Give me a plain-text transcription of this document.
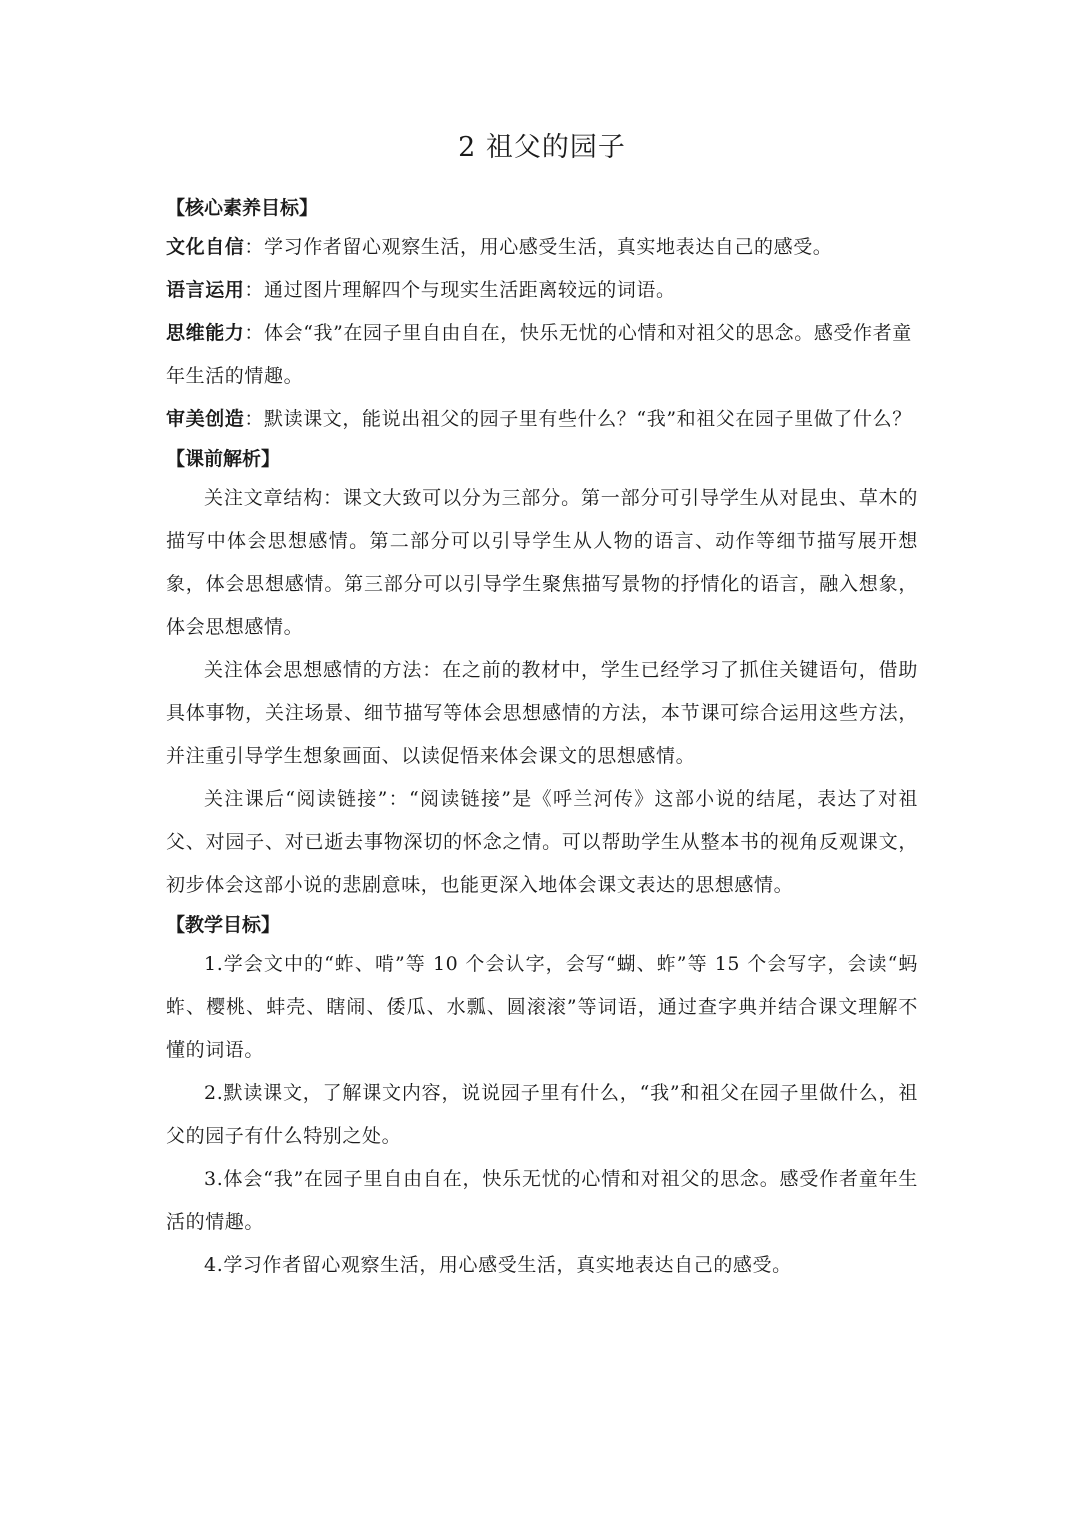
2 祖父的园子

【核心素养目标】

文化自信：学习作者留心观察生活，用心感受生活，真实地表达自己的感受。

语言运用：通过图片理解四个与现实生活距离较远的词语。

思维能力：体会“我”在园子里自由自在，快乐无忧的心情和对祖父的思念。感受作者童年生活的情趣。

审美创造：默读课文，能说出祖父的园子里有些什么？“我”和祖父在园子里做了什么？

【课前解析】

关注文章结构：课文大致可以分为三部分。第一部分可引导学生从对昆虫、草木的描写中体会思想感情。第二部分可以引导学生从人物的语言、动作等细节描写展开想象，体会思想感情。第三部分可以引导学生聚焦描写景物的抒情化的语言，融入想象，体会思想感情。

关注体会思想感情的方法：在之前的教材中，学生已经学习了抓住关键语句，借助具体事物，关注场景、细节描写等体会思想感情的方法，本节课可综合运用这些方法，并注重引导学生想象画面、以读促悟来体会课文的思想感情。

关注课后“阅读链接”：“阅读链接”是《呼兰河传》这部小说的结尾，表达了对祖父、对园子、对已逝去事物深切的怀念之情。可以帮助学生从整本书的视角反观课文，初步体会这部小说的悲剧意味，也能更深入地体会课文表达的思想感情。

【教学目标】

1.学会文中的“蚱、啃”等 10 个会认字，会写“蝴、蚱”等 15 个会写字，会读“蚂蚱、樱桃、蚌壳、瞎闹、倭瓜、水瓢、圆滚滚”等词语，通过查字典并结合课文理解不懂的词语。

2.默读课文，了解课文内容，说说园子里有什么，“我”和祖父在园子里做什么，祖父的园子有什么特别之处。

3.体会“我”在园子里自由自在，快乐无忧的心情和对祖父的思念。感受作者童年生活的情趣。

4.学习作者留心观察生活，用心感受生活，真实地表达自己的感受。
